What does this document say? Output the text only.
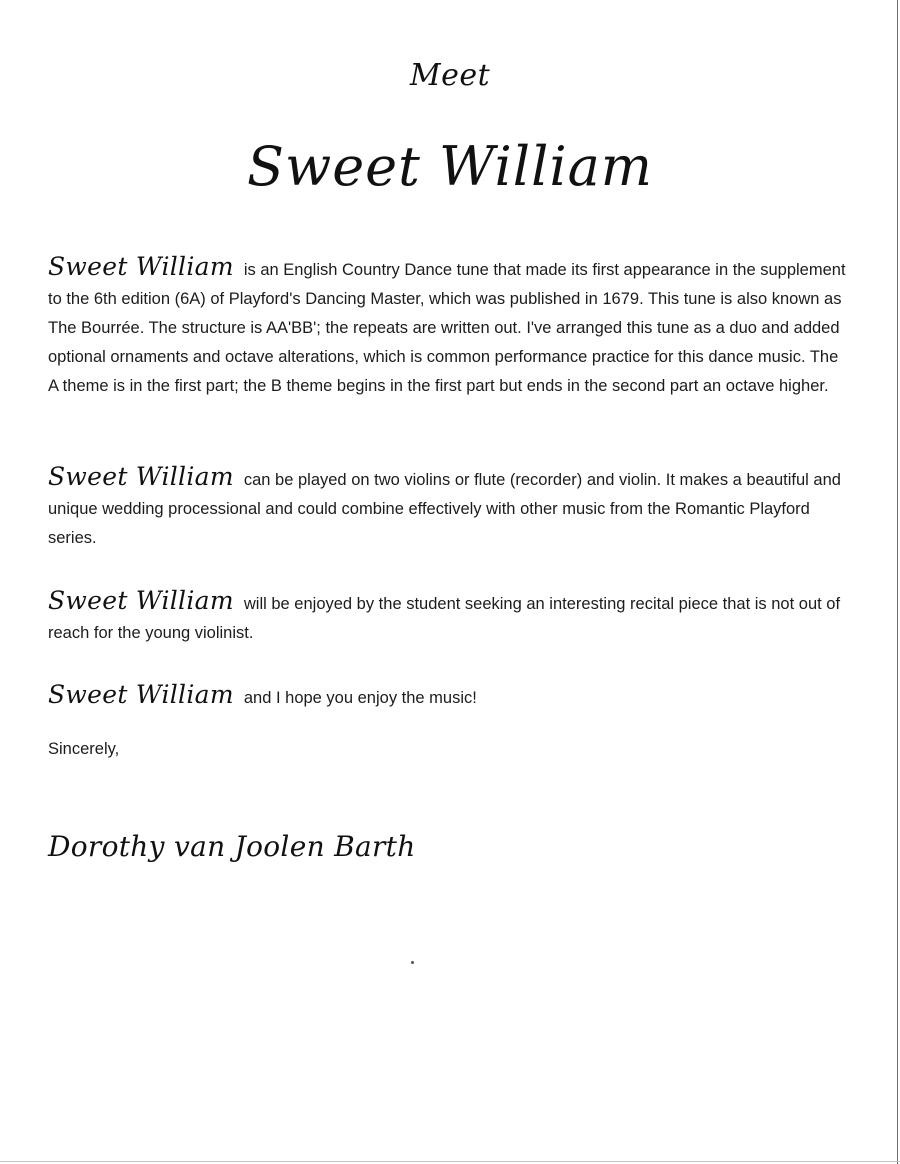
Meet
Sweet William

Sweet William is an English Country Dance tune that made its first appearance in the supplement to the 6th edition (6A) of Playford's Dancing Master, which was published in 1679. This tune is also known as The Bourrée. The structure is AA'BB'; the repeats are written out. I've arranged this tune as a duo and added optional ornaments and octave alterations, which is common performance practice for this dance music. The A theme is in the first part; the B theme begins in the first part but ends in the second part an octave higher.

Sweet William can be played on two violins or flute (recorder) and violin. It makes a beautiful and unique wedding processional and could combine effectively with other music from the Romantic Playford series.

Sweet William will be enjoyed by the student seeking an interesting recital piece that is not out of reach for the young violinist.

Sweet William and I hope you enjoy the music!

Sincerely,
Dorothy van Joolen Barth
